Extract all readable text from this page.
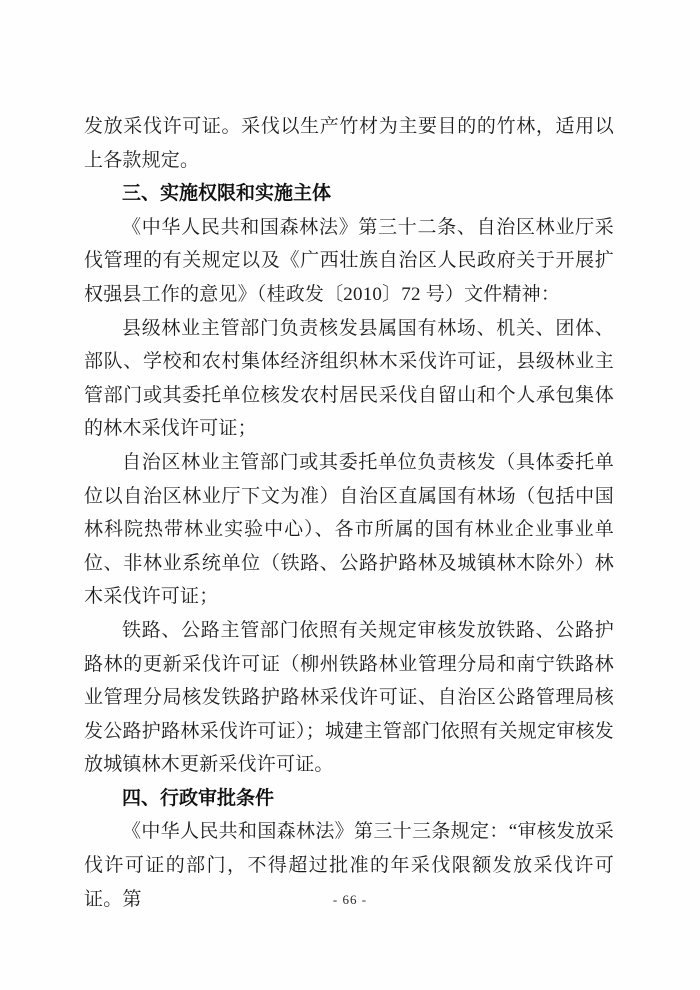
发放采伐许可证。采伐以生产竹材为主要目的的竹林，适用以上各款规定。

三、实施权限和实施主体

《中华人民共和国森林法》第三十二条、自治区林业厅采伐管理的有关规定以及《广西壮族自治区人民政府关于开展扩权强县工作的意见》（桂政发〔2010〕72 号）文件精神：

县级林业主管部门负责核发县属国有林场、机关、团体、部队、学校和农村集体经济组织林木采伐许可证，县级林业主管部门或其委托单位核发农村居民采伐自留山和个人承包集体的林木采伐许可证；

自治区林业主管部门或其委托单位负责核发（具体委托单位以自治区林业厅下文为准）自治区直属国有林场（包括中国林科院热带林业实验中心）、各市所属的国有林业企业事业单位、非林业系统单位（铁路、公路护路林及城镇林木除外）林木采伐许可证；

铁路、公路主管部门依照有关规定审核发放铁路、公路护路林的更新采伐许可证（柳州铁路林业管理分局和南宁铁路林业管理分局核发铁路护路林采伐许可证、自治区公路管理局核发公路护路林采伐许可证）；城建主管部门依照有关规定审核发放城镇林木更新采伐许可证。

四、行政审批条件

《中华人民共和国森林法》第三十三条规定：“审核发放采伐许可证的部门，不得超过批准的年采伐限额发放采伐许可证。第	- 66 -
